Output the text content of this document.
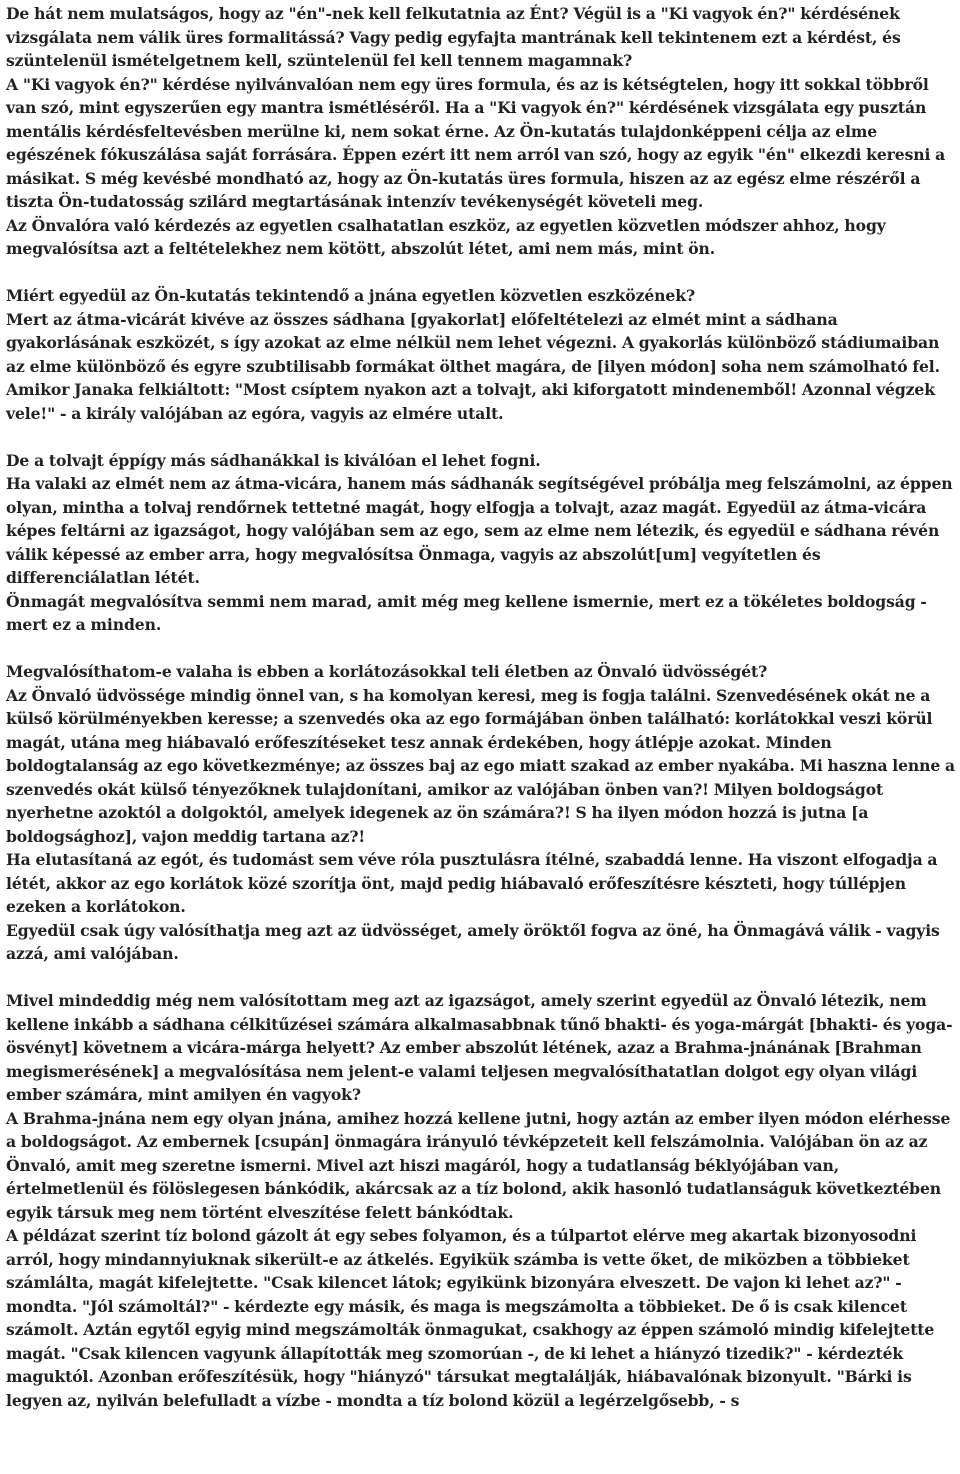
De hát nem mulatságos, hogy az "én"-nek kell felkutatnia az Ént? Végül is a "Ki vagyok én?" kérdésének vizsgálata nem válik üres formalitássá? Vagy pedig egyfajta mantrának kell tekintenem ezt a kérdést, és szüntelenül ismételgetnem kell, szüntelenül fel kell tennem magamnak?

A "Ki vagyok én?" kérdése nyilvánvalóan nem egy üres formula, és az is kétségtelen, hogy itt sokkal többről van szó, mint egyszerűen egy mantra ismétléséről. Ha a "Ki vagyok én?" kérdésének vizsgálata egy pusztán mentális kérdésfeltevésben merülne ki, nem sokat érne. Az Ön-kutatás tulajdonképpeni célja az elme egészének fókuszálása saját forrására. Éppen ezért itt nem arról van szó, hogy az egyik "én" elkezdi keresni a másikat. S még kevésbé mondható az, hogy az Ön-kutatás üres formula, hiszen az az egész elme részéről a tiszta Ön-tudatosság szilárd megtartásának intenzív tevékenységét követeli meg.

Az Önvalóra való kérdezés az egyetlen csalhatatlan eszköz, az egyetlen közvetlen módszer ahhoz, hogy megvalósítsa azt a feltételekhez nem kötött, abszolút létet, ami nem más, mint ön.

Miért egyedül az Ön-kutatás tekintendő a jnána egyetlen közvetlen eszközének?

Mert az átma-vicárát kivéve az összes sádhana [gyakorlat] előfeltételezi az elmét mint a sádhana gyakorlásának eszközét, s így azokat az elme nélkül nem lehet végezni. A gyakorlás különböző stádiumaiban az elme különböző és egyre szubtilisabb formákat ölthet magára, de [ilyen módon] soha nem számolható fel.

Amikor Janaka felkiáltott: "Most csíptem nyakon azt a tolvajt, aki kiforgatott mindenemből! Azonnal végzek vele!" - a király valójában az egóra, vagyis az elmére utalt.

De a tolvajt éppígy más sádhanákkal is kiválóan el lehet fogni.

Ha valaki az elmét nem az átma-vicára, hanem más sádhanák segítségével próbálja meg felszámolni, az éppen olyan, mintha a tolvaj rendőrnek tettetné magát, hogy elfogja a tolvajt, azaz magát. Egyedül az átma-vicára képes feltárni az igazságot, hogy valójában sem az ego, sem az elme nem létezik, és egyedül e sádhana révén válik képessé az ember arra, hogy megvalósítsa Önmaga, vagyis az abszolút[um] vegyítetlen és differenciálatlan létét.

Önmagát megvalósítva semmi nem marad, amit még meg kellene ismernie, mert ez a tökéletes boldogság - mert ez a minden.

Megvalósíthatom-e valaha is ebben a korlátozásokkal teli életben az Önvaló üdvösségét?

Az Önvaló üdvössége mindig önnel van, s ha komolyan keresi, meg is fogja találni. Szenvedésének okát ne a külső körülményekben keresse; a szenvedés oka az ego formájában önben található: korlátokkal veszi körül magát, utána meg hiábavaló erőfeszítéseket tesz annak érdekében, hogy átlépje azokat. Minden boldogtalanság az ego következménye; az összes baj az ego miatt szakad az ember nyakába. Mi haszna lenne a szenvedés okát külső tényezőknek tulajdonítani, amikor az valójában önben van?! Milyen boldogságot nyerhetne azoktól a dolgoktól, amelyek idegenek az ön számára?! S ha ilyen módon hozzá is jutna [a boldogsághoz], vajon meddig tartana az?!

Ha elutasítaná az egót, és tudomást sem véve róla pusztulásra ítélné, szabaddá lenne. Ha viszont elfogadja a létét, akkor az ego korlátok közé szorítja önt, majd pedig hiábavaló erőfeszítésre készteti, hogy túllépjen ezeken a korlátokon.

Egyedül csak úgy valósíthatja meg azt az üdvösséget, amely öröktől fogva az öné, ha Önmagává válik - vagyis azzá, ami valójában.

Mivel mindeddig még nem valósítottam meg azt az igazságot, amely szerint egyedül az Önvaló létezik, nem kellene inkább a sádhana célkitűzései számára alkalmasabbnak tűnő bhakti- és yoga-márgát [bhakti- és yoga-ösvényt] követnem a vicára-márga helyett? Az ember abszolút létének, azaz a Brahma-jnánának [Brahman megismerésének] a megvalósítása nem jelent-e valami teljesen megvalósíthatatlan dolgot egy olyan világi ember számára, mint amilyen én vagyok?

A Brahma-jnána nem egy olyan jnána, amihez hozzá kellene jutni, hogy aztán az ember ilyen módon elérhesse a boldogságot. Az embernek [csupán] önmagára irányuló tévképzeteit kell felszámolnia. Valójában ön az az Önvaló, amit meg szeretne ismerni. Mivel azt hiszi magáról, hogy a tudatlanság béklyójában van, értelmetlenül és fölöslegesen bánkódik, akárcsak az a tíz bolond, akik hasonló tudatlanságuk következtében egyik társuk meg nem történt elveszítése felett bánkódtak.

A példázat szerint tíz bolond gázolt át egy sebes folyamon, és a túlpartot elérve meg akartak bizonyosodni arról, hogy mindannyiuknak sikerült-e az átkelés. Egyikük számba is vette őket, de miközben a többieket számlálta, magát kifelejtette. "Csak kilencet látok; egyikünk bizonyára elveszett. De vajon ki lehet az?" - mondta. "Jól számoltál?" - kérdezte egy másik, és maga is megszámolta a többieket. De ő is csak kilencet számolt. Aztán egytől egyig mind megszámolták önmagukat, csakhogy az éppen számoló mindig kifelejtette magát. "Csak kilencen vagyunk állapították meg szomorúan -, de ki lehet a hiányzó tizedik?" - kérdezték maguktól. Azonban erőfeszítésük, hogy "hiányzó" társukat megtalálják, hiábavalónak bizonyult. "Bárki is legyen az, nyilván belefulladt a vízbe - mondta a tíz bolond közül a legérzelgősebb, - s
